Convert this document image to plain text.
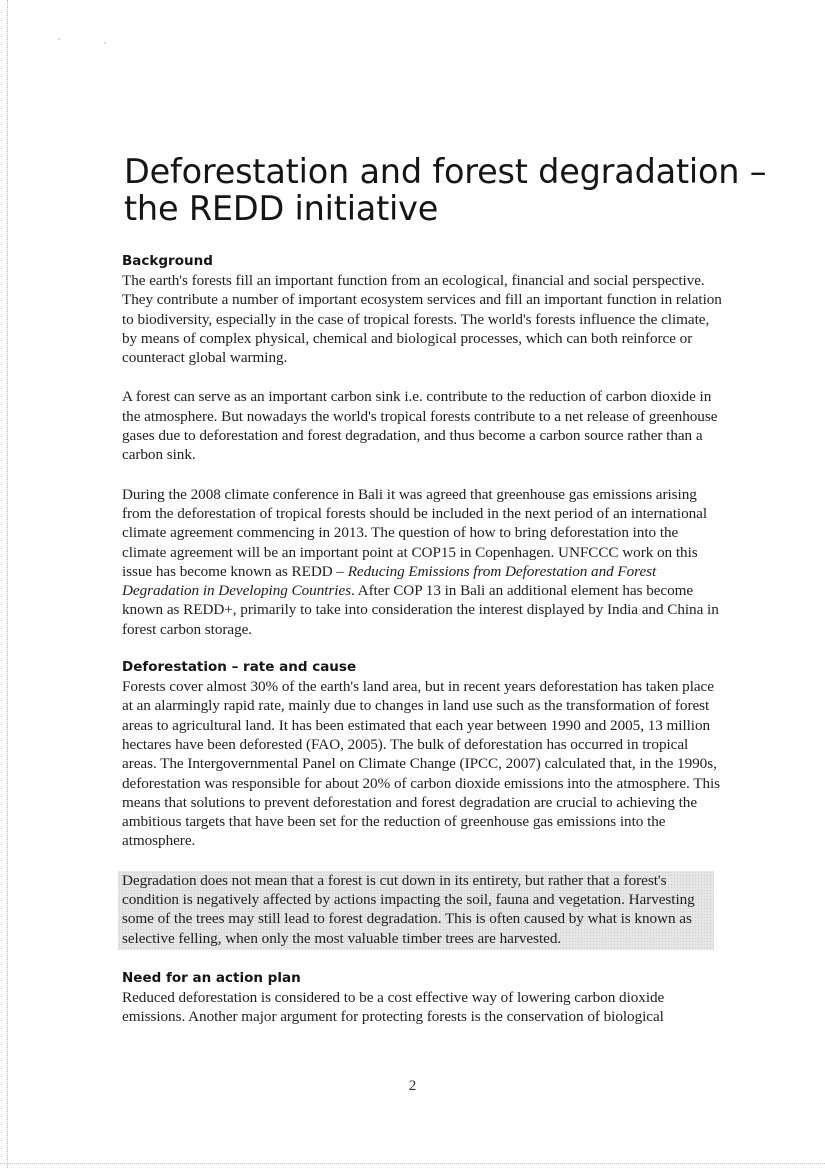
Deforestation and forest degradation – the REDD initiative
Background

The earth's forests fill an important function from an ecological, financial and social perspective. They contribute a number of important ecosystem services and fill an important function in relation to biodiversity, especially in the case of tropical forests. The world's forests influence the climate, by means of complex physical, chemical and biological processes, which can both reinforce or counteract global warming.

A forest can serve as an important carbon sink i.e. contribute to the reduction of carbon dioxide in the atmosphere. But nowadays the world's tropical forests contribute to a net release of greenhouse gases due to deforestation and forest degradation, and thus become a carbon source rather than a carbon sink.

During the 2008 climate conference in Bali it was agreed that greenhouse gas emissions arising from the deforestation of tropical forests should be included in the next period of an international climate agreement commencing in 2013. The question of how to bring deforestation into the climate agreement will be an important point at COP15 in Copenhagen. UNFCCC work on this issue has become known as REDD – Reducing Emissions from Deforestation and Forest Degradation in Developing Countries. After COP 13 in Bali an additional element has become known as REDD+, primarily to take into consideration the interest displayed by India and China in forest carbon storage.

Deforestation – rate and cause

Forests cover almost 30% of the earth's land area, but in recent years deforestation has taken place at an alarmingly rapid rate, mainly due to changes in land use such as the transformation of forest areas to agricultural land. It has been estimated that each year between 1990 and 2005, 13 million hectares have been deforested (FAO, 2005). The bulk of deforestation has occurred in tropical areas. The Intergovernmental Panel on Climate Change (IPCC, 2007) calculated that, in the 1990s, deforestation was responsible for about 20% of carbon dioxide emissions into the atmosphere. This means that solutions to prevent deforestation and forest degradation are crucial to achieving the ambitious targets that have been set for the reduction of greenhouse gas emissions into the atmosphere.

Degradation does not mean that a forest is cut down in its entirety, but rather that a forest's condition is negatively affected by actions impacting the soil, fauna and vegetation. Harvesting some of the trees may still lead to forest degradation. This is often caused by what is known as selective felling, when only the most valuable timber trees are harvested.

Need for an action plan

Reduced deforestation is considered to be a cost effective way of lowering carbon dioxide emissions. Another major argument for protecting forests is the conservation of biological

2
